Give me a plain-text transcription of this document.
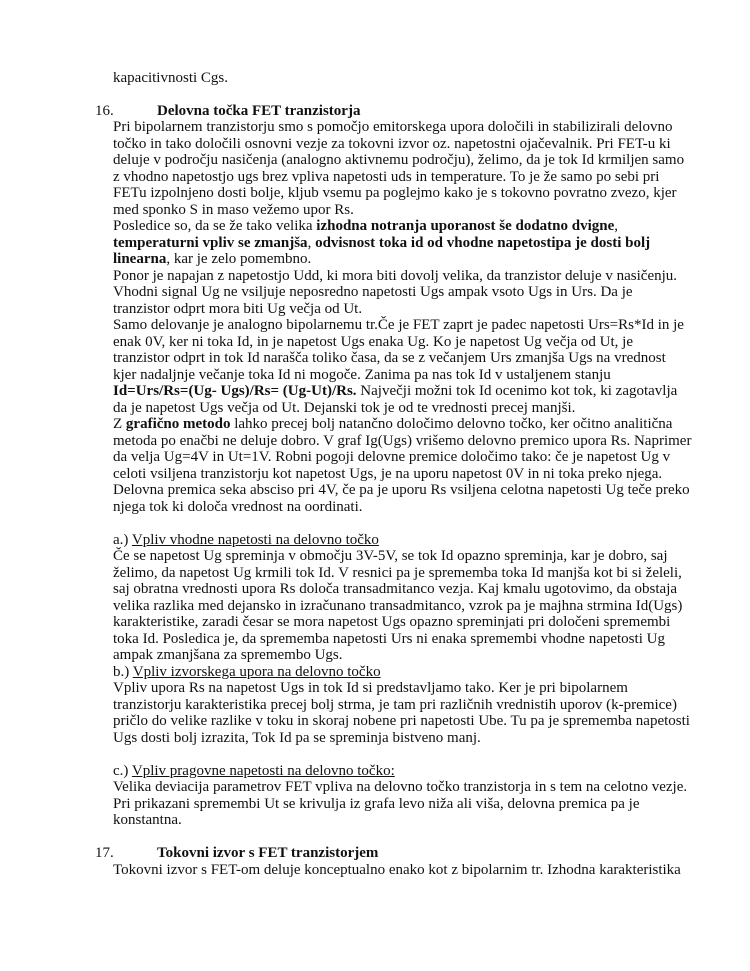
kapacitivnosti Cgs.
16.	Delovna točka FET tranzistorja
Pri bipolarnem tranzistorju smo s pomočjo emitorskega upora določili in stabilizirali delovno
točko in tako določili osnovni vezje za tokovni izvor oz. napetostni ojačevalnik. Pri FET-u ki
deluje v področju nasičenja (analogno aktivnemu področju), želimo, da je tok Id krmiljen samo
z vhodno napetostjo ugs brez vpliva napetosti uds in temperature. To je že samo po sebi pri
FETu izpolnjeno dosti bolje, kljub vsemu pa poglejmo kako je s tokovno povratno zvezo, kjer
med sponko S in maso vežemo upor Rs.
Posledice so, da se že tako velika izhodna notranja uporanost še dodatno dvigne,
temperaturni vpliv se zmanjša, odvisnost toka id od vhodne napetostipa je dosti bolj
linearna, kar je zelo pomembno.
Ponor je napajan z napetostjo Udd, ki mora biti dovolj velika, da tranzistor deluje v nasičenju.
Vhodni signal Ug ne vsiljuje neposredno napetosti Ugs ampak vsoto Ugs in Urs. Da je
tranzistor odprt mora biti Ug večja od Ut.
Samo delovanje je analogno bipolarnemu tr.Če je FET zaprt je padec napetosti Urs=Rs*Id in je
enak 0V, ker ni toka Id, in je napetost Ugs enaka Ug. Ko je napetost Ug večja od Ut, je
tranzistor odprt in tok Id narašča toliko časa, da se z večanjem Urs zmanjša Ugs na vrednost
kjer nadaljnje večanje toka Id ni mogoče. Zanima pa nas tok Id v ustaljenem stanju
Id=Urs/Rs=(Ug- Ugs)/Rs= (Ug-Ut)/Rs. Največji možni tok Id ocenimo kot tok, ki zagotavlja
da je napetost Ugs večja od Ut. Dejanski tok je od te vrednosti precej manjši.
Z grafično metodo lahko precej bolj natančno določimo delovno točko, ker očitno analitična
metoda po enačbi ne deluje dobro. V graf Ig(Ugs) vrišemo delovno premico upora Rs. Naprimer
da velja Ug=4V in Ut=1V. Robni pogoji delovne premice določimo tako: če je napetost Ug v
celoti vsiljena tranzistorju kot napetost Ugs, je na uporu napetost 0V in ni toka preko njega.
Delovna premica seka absciso pri 4V, če pa je uporu Rs vsiljena celotna napetosti Ug teče preko
njega tok ki določa vrednost na oordinati.
a.) Vpliv vhodne napetosti na delovno točko
Če se napetost Ug spreminja v območju 3V-5V, se tok Id opazno spreminja, kar je dobro, saj
želimo, da napetost Ug krmili tok Id. V resnici pa je sprememba toka Id manjša kot bi si želeli,
saj obratna vrednosti upora Rs določa transadmitanco vezja. Kaj kmalu ugotovimo, da obstaja
velika razlika med dejansko in izračunano transadmitanco, vzrok pa je majhna strmina Id(Ugs)
karakteristike, zaradi česar se mora napetost Ugs opazno spreminjati pri določeni spremembi
toka Id. Posledica je, da sprememba napetosti Urs ni enaka spremembi vhodne napetosti Ug
ampak zmanjšana za spremembo Ugs.
b.) Vpliv izvorskega upora na delovno točko
Vpliv upora Rs na napetost Ugs in tok Id si predstavljamo tako. Ker je pri bipolarnem
tranzistorju karakteristika precej bolj strma, je tam pri različnih vrednistih uporov (k-premice)
pričlo do velike razlike v toku in skoraj nobene pri napetosti Ube. Tu pa je sprememba napetosti
Ugs dosti bolj izrazita, Tok Id pa se spreminja bistveno manj.
c.) Vpliv pragovne napetosti na delovno točko:
Velika deviacija parametrov FET vpliva na delovno točko tranzistorja in s tem na celotno vezje.
Pri prikazani spremembi Ut se krivulja iz grafa levo niža ali viša, delovna premica pa je
konstantna.
17.	Tokovni izvor s FET tranzistorjem
Tokovni izvor s FET-om deluje konceptualno enako kot z bipolarnim tr. Izhodna karakteristika
